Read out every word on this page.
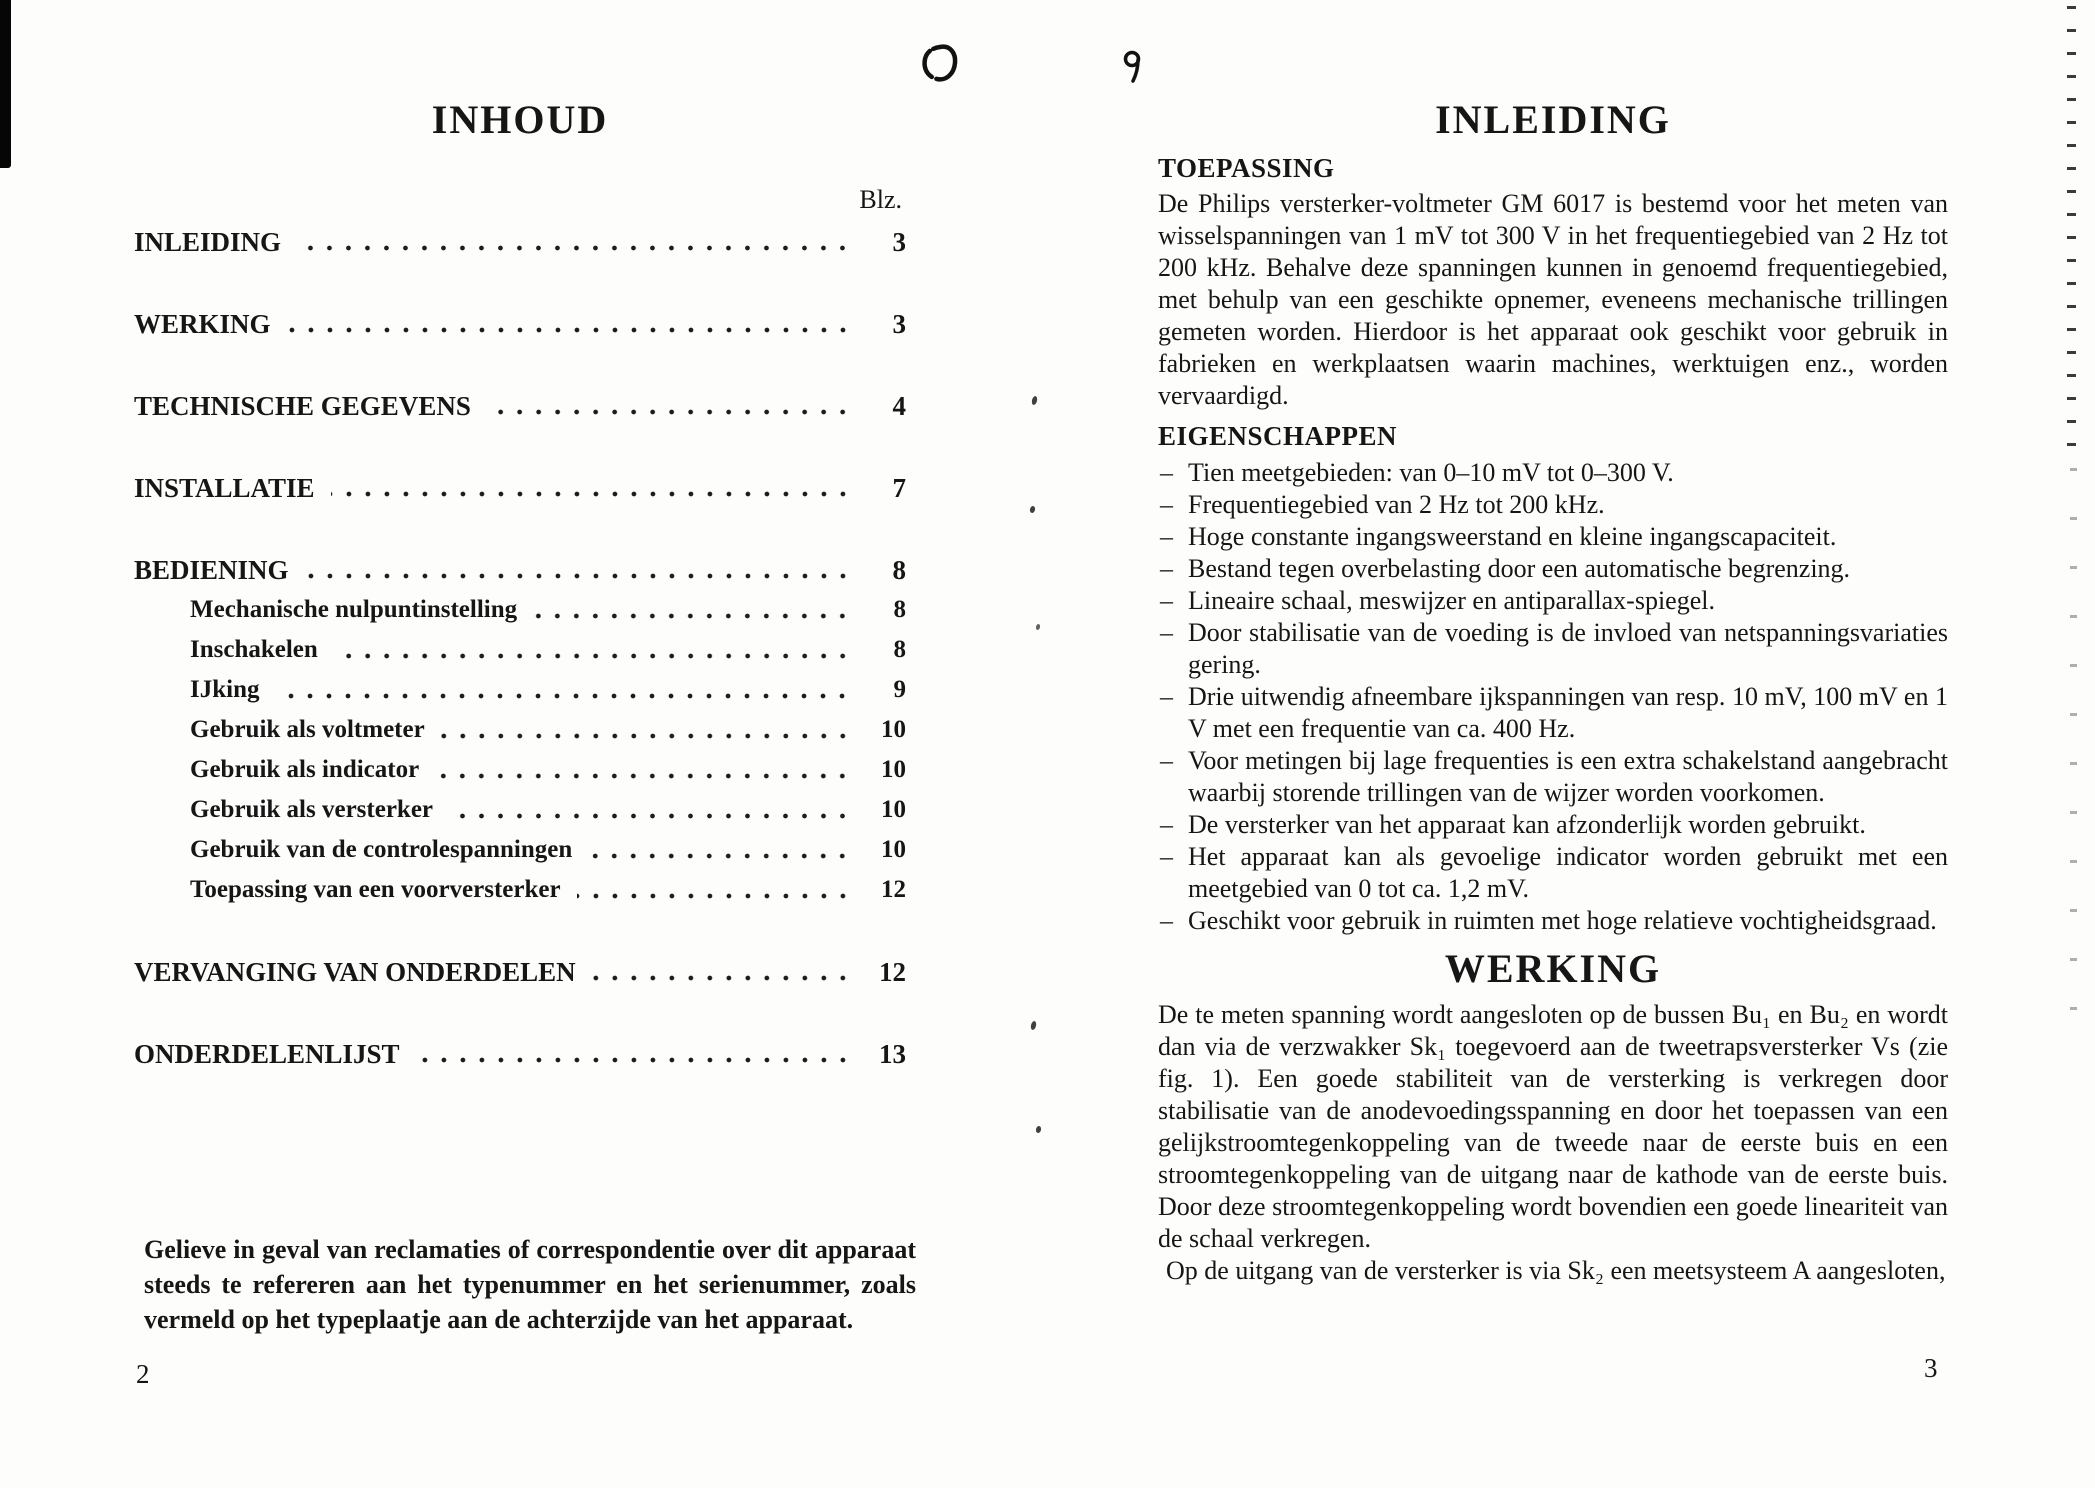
INHOUD
Blz.
INLEIDING	3
WERKING	3
TECHNISCHE GEGEVENS	4
INSTALLATIE	7
BEDIENING	8
Mechanische nulpuntinstelling	8
Inschakelen	8
IJking	9
Gebruik als voltmeter	10
Gebruik als indicator	10
Gebruik als versterker	10
Gebruik van de controlespanningen	10
Toepassing van een voorversterker	12
VERVANGING VAN ONDERDELEN	12
ONDERDELENLIJST	13
Gelieve in geval van reclamaties of correspondentie over dit apparaat steeds te refereren aan het typenummer en het serienummer, zoals vermeld op het typeplaatje aan de achterzijde van het apparaat.
2
INLEIDING
TOEPASSING

De Philips versterker-voltmeter GM 6017 is bestemd voor het meten van wisselspanningen van 1 mV tot 300 V in het frequentiegebied van 2 Hz tot 200 kHz. Behalve deze spanningen kunnen in genoemd frequentiegebied, met behulp van een geschikte opnemer, eveneens mechanische trillingen gemeten worden. Hierdoor is het apparaat ook geschikt voor gebruik in fabrieken en werkplaatsen waarin machines, werktuigen enz., worden vervaardigd.

EIGENSCHAPPEN
– Tien meetgebieden: van 0–10 mV tot 0–300 V.
– Frequentiegebied van 2 Hz tot 200 kHz.
– Hoge constante ingangsweerstand en kleine ingangscapaciteit.
– Bestand tegen overbelasting door een automatische begrenzing.
– Lineaire schaal, meswijzer en antiparallax-spiegel.
– Door stabilisatie van de voeding is de invloed van netspanningsvariaties gering.
– Drie uitwendig afneembare ijkspanningen van resp. 10 mV, 100 mV en 1 V met een frequentie van ca. 400 Hz.
– Voor metingen bij lage frequenties is een extra schakelstand aangebracht waarbij storende trillingen van de wijzer worden voorkomen.
– De versterker van het apparaat kan afzonderlijk worden gebruikt.
– Het apparaat kan als gevoelige indicator worden gebruikt met een meetgebied van 0 tot ca. 1,2 mV.
– Geschikt voor gebruik in ruimten met hoge relatieve vochtigheidsgraad.
WERKING

De te meten spanning wordt aangesloten op de bussen Bu₁ en Bu₂ en wordt dan via de verzwakker Sk₁ toegevoerd aan de tweetrapsversterker Vs (zie fig. 1). Een goede stabiliteit van de versterking is verkregen door stabilisatie van de anodevoedingsspanning en door het toepassen van een gelijkstroomtegenkoppeling van de tweede naar de eerste buis en een stroomtegenkoppeling van de uitgang naar de kathode van de eerste buis. Door deze stroomtegenkoppeling wordt bovendien een goede lineariteit van de schaal verkregen.

Op de uitgang van de versterker is via Sk₂ een meetsysteem A aangesloten,

3
